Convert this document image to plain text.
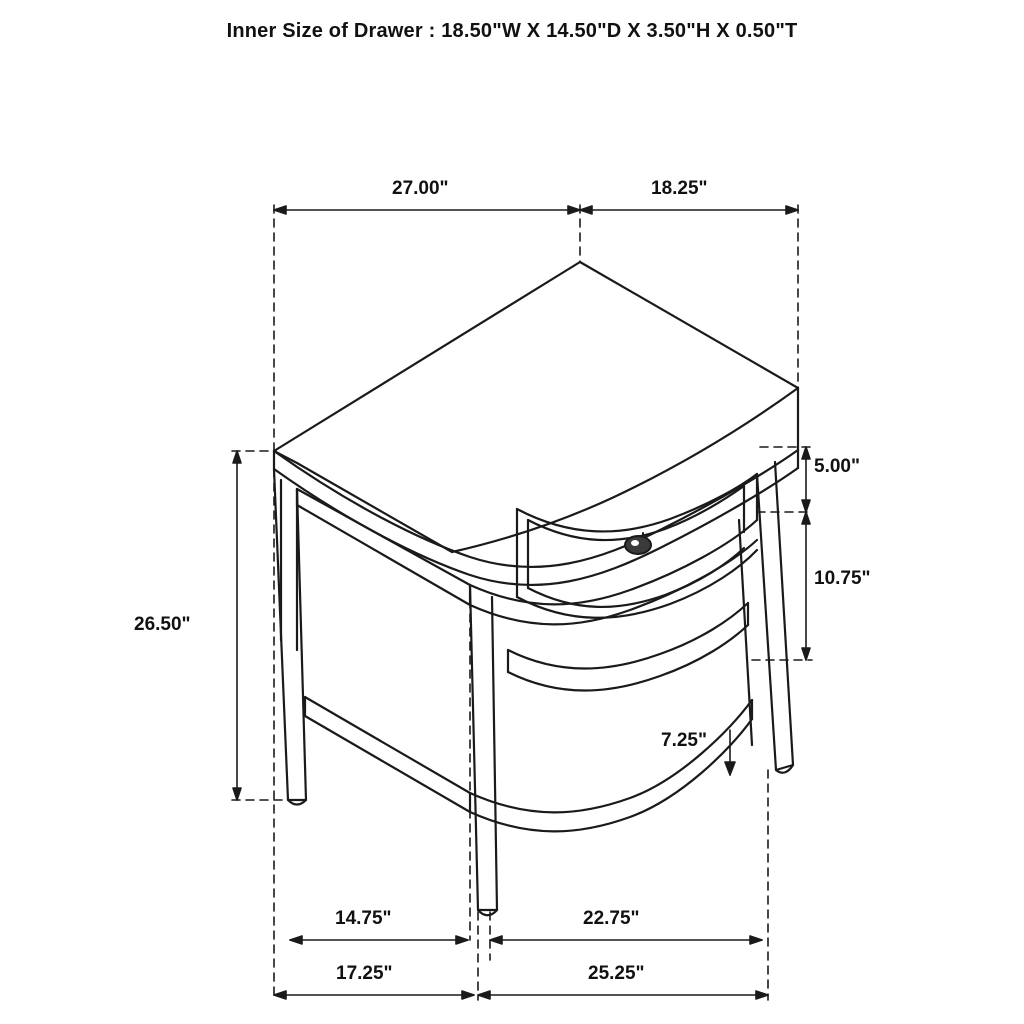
Inner Size of Drawer : 18.50"W X 14.50"D X 3.50"H X 0.50"T
27.00"	18.25"
5.00"
10.75"
7.25"
26.50"
14.75"	22.75"
17.25"	25.25"
